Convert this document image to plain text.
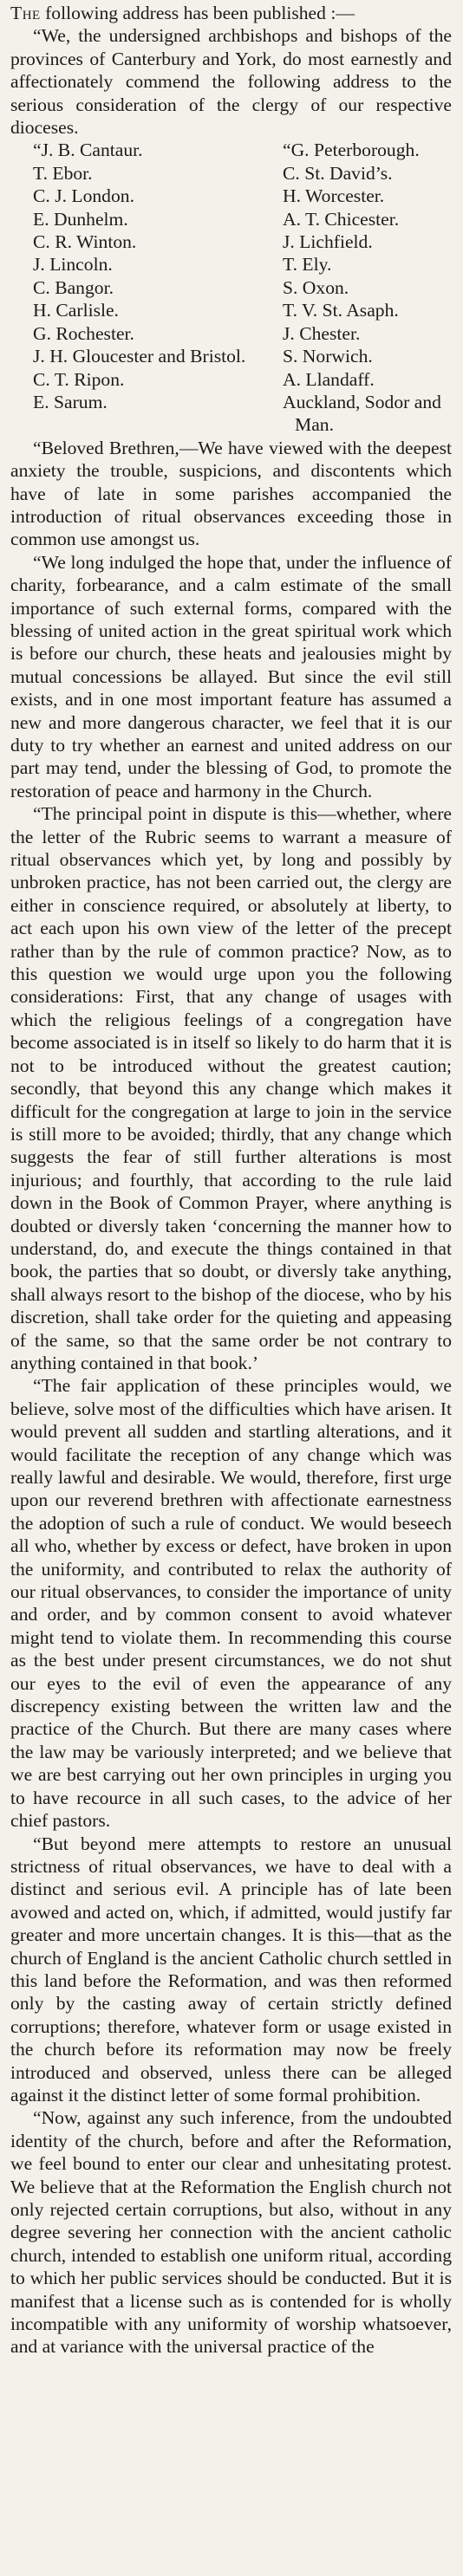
The following address has been published :—

“We, the undersigned archbishops and bishops of the provinces of Canterbury and York, do most earnestly and affectionately commend the following address to the serious consideration of the clergy of our respective dioceses.

“J. B. Cantaur.
T. Ebor.
C. J. London.
E. Dunhelm.
C. R. Winton.
J. Lincoln.
C. Bangor.
H. Carlisle.
G. Rochester.
J. H. Gloucester and Bristol.
C. T. Ripon.
E. Sarum.
“G. Peterborough.
C. St. David’s.
H. Worcester.
A. T. Chicester.
J. Lichfield.
T. Ely.
S. Oxon.
T. V. St. Asaph.
J. Chester.
S. Norwich.
A. Llandaff.
Auckland, Sodor and Man.

“Beloved Brethren,—We have viewed with the deepest anxiety the trouble, suspicions, and discontents which have of late in some parishes accompanied the introduction of ritual observances exceeding those in common use amongst us.

“We long indulged the hope that, under the influence of charity, forbearance, and a calm estimate of the small importance of such external forms, compared with the blessing of united action in the great spiritual work which is before our church, these heats and jealousies might by mutual concessions be allayed. But since the evil still exists, and in one most important feature has assumed a new and more dangerous character, we feel that it is our duty to try whether an earnest and united address on our part may tend, under the blessing of God, to promote the restoration of peace and harmony in the Church.

“The principal point in dispute is this—whether, where the letter of the Rubric seems to warrant a measure of ritual observances which yet, by long and possibly by unbroken practice, has not been carried out, the clergy are either in conscience required, or absolutely at liberty, to act each upon his own view of the letter of the precept rather than by the rule of common practice? Now, as to this question we would urge upon you the following considerations: First, that any change of usages with which the religious feelings of a congregation have become associated is in itself so likely to do harm that it is not to be introduced without the greatest caution; secondly, that beyond this any change which makes it difficult for the congregation at large to join in the service is still more to be avoided; thirdly, that any change which suggests the fear of still further alterations is most injurious; and fourthly, that according to the rule laid down in the Book of Common Prayer, where anything is doubted or diversly taken ‘concerning the manner how to understand, do, and execute the things contained in that book, the parties that so doubt, or diversly take anything, shall always resort to the bishop of the diocese, who by his discretion, shall take order for the quieting and appeasing of the same, so that the same order be not contrary to anything contained in that book.’

“The fair application of these principles would, we believe, solve most of the difficulties which have arisen. It would prevent all sudden and startling alterations, and it would facilitate the reception of any change which was really lawful and desirable. We would, therefore, first urge upon our reverend brethren with affectionate earnestness the adoption of such a rule of conduct. We would beseech all who, whether by excess or defect, have broken in upon the uniformity, and contributed to relax the authority of our ritual observances, to consider the importance of unity and order, and by common consent to avoid whatever might tend to violate them. In recommending this course as the best under present circumstances, we do not shut our eyes to the evil of even the appearance of any discrepency existing between the written law and the practice of the Church. But there are many cases where the law may be variously interpreted; and we believe that we are best carrying out her own principles in urging you to have recource in all such cases, to the advice of her chief pastors.

“But beyond mere attempts to restore an unusual strictness of ritual observances, we have to deal with a distinct and serious evil. A principle has of late been avowed and acted on, which, if admitted, would justify far greater and more uncertain changes. It is this—that as the church of England is the ancient Catholic church settled in this land before the Reformation, and was then reformed only by the casting away of certain strictly defined corruptions; therefore, whatever form or usage existed in the church before its reformation may now be freely introduced and observed, unless there can be alleged against it the distinct letter of some formal prohibition.

“Now, against any such inference, from the undoubted identity of the church, before and after the Reformation, we feel bound to enter our clear and unhesitating protest. We believe that at the Reformation the English church not only rejected certain corruptions, but also, without in any degree severing her connection with the ancient catholic church, intended to establish one uniform ritual, according to which her public services should be conducted. But it is manifest that a license such as is contended for is wholly incompatible with any uniformity of worship whatsoever, and at variance with the universal practice of the
